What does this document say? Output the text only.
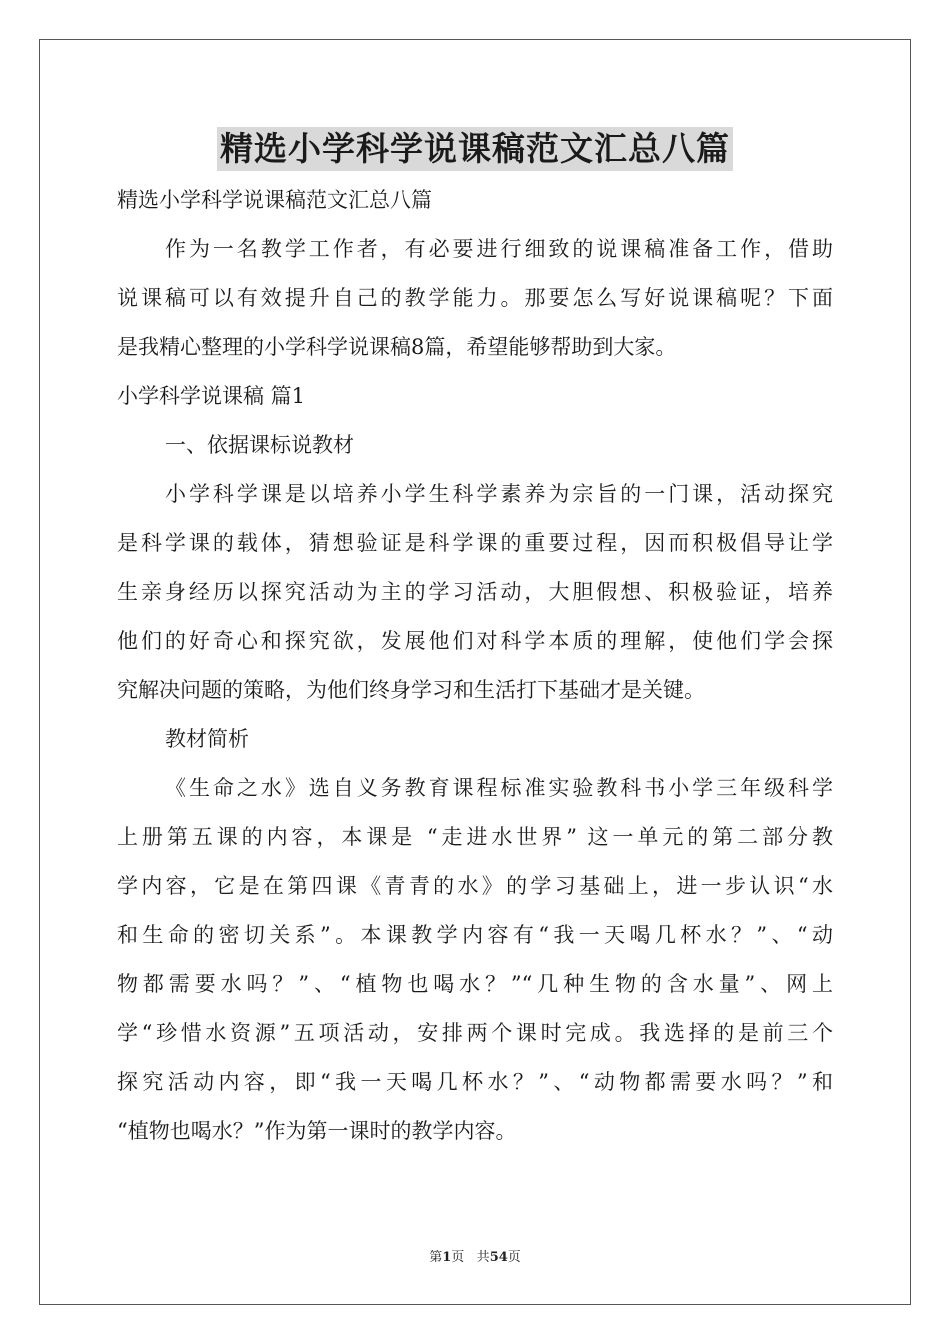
精选小学科学说课稿范文汇总八篇
精选小学科学说课稿范文汇总八篇
作为一名教学工作者，有必要进行细致的说课稿准备工作，借助
说课稿可以有效提升自己的教学能力。那要怎么写好说课稿呢？下面
是我精心整理的小学科学说课稿8篇，希望能够帮助到大家。
小学科学说课稿 篇1
一、依据课标说教材
小学科学课是以培养小学生科学素养为宗旨的一门课，活动探究
是科学课的载体，猜想验证是科学课的重要过程，因而积极倡导让学
生亲身经历以探究活动为主的学习活动，大胆假想、积极验证，培养
他们的好奇心和探究欲，发展他们对科学本质的理解，使他们学会探
究解决问题的策略，为他们终身学习和生活打下基础才是关键。
教材简析
《生命之水》选自义务教育课程标准实验教科书小学三年级科学
上册第五课的内容，本课是 “走进水世界” 这一单元的第二部分教
学内容，它是在第四课《青青的水》的学习基础上，进一步认识“水
和生命的密切关系”。本课教学内容有“我一天喝几杯水？”、“动
物都需要水吗？”、“植物也喝水？”“几种生物的含水量”、网上
学“珍惜水资源”五项活动，安排两个课时完成。我选择的是前三个
探究活动内容，即“我一天喝几杯水？”、“动物都需要水吗？”和
“植物也喝水？”作为第一课时的教学内容。
第1页 共54页
